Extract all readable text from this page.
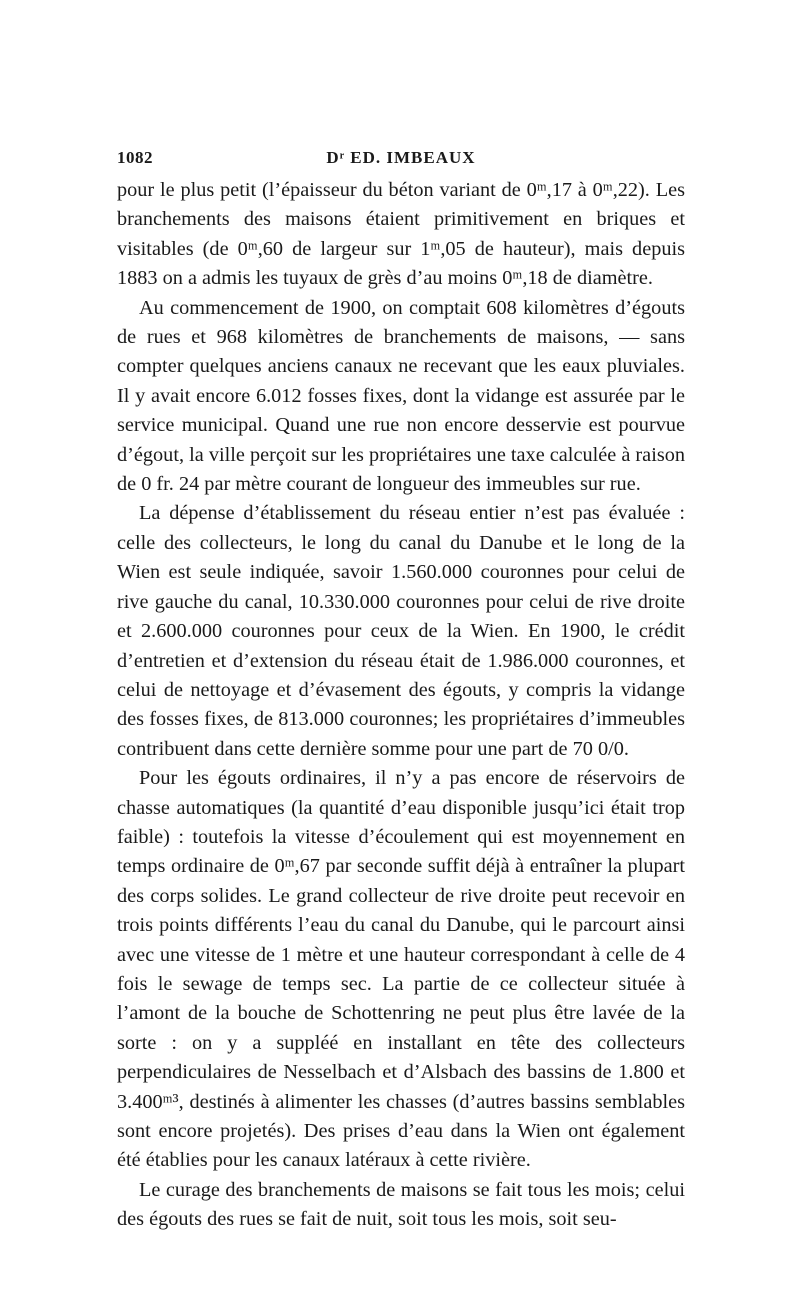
1082	Dʳ ED. IMBEAUX

pour le plus petit (l’épaisseur du béton variant de 0ᵐ,17 à 0ᵐ,22). Les branchements des maisons étaient primitivement en briques et visitables (de 0ᵐ,60 de largeur sur 1ᵐ,05 de hauteur), mais depuis 1883 on a admis les tuyaux de grès d’au moins 0ᵐ,18 de diamètre.

Au commencement de 1900, on comptait 608 kilomètres d’égouts de rues et 968 kilomètres de branchements de maisons, — sans compter quelques anciens canaux ne recevant que les eaux pluviales. Il y avait encore 6.012 fosses fixes, dont la vidange est assurée par le service municipal. Quand une rue non encore desservie est pourvue d’égout, la ville perçoit sur les propriétaires une taxe calculée à raison de 0 fr. 24 par mètre courant de longueur des immeubles sur rue.

La dépense d’établissement du réseau entier n’est pas évaluée : celle des collecteurs, le long du canal du Danube et le long de la Wien est seule indiquée, savoir 1.560.000 couronnes pour celui de rive gauche du canal, 10.330.000 couronnes pour celui de rive droite et 2.600.000 couronnes pour ceux de la Wien. En 1900, le crédit d’entretien et d’extension du réseau était de 1.986.000 couronnes, et celui de nettoyage et d’évasement des égouts, y compris la vidange des fosses fixes, de 813.000 couronnes; les propriétaires d’immeubles contribuent dans cette dernière somme pour une part de 70 0/0.

Pour les égouts ordinaires, il n’y a pas encore de réservoirs de chasse automatiques (la quantité d’eau disponible jusqu’ici était trop faible) : toutefois la vitesse d’écoulement qui est moyennement en temps ordinaire de 0ᵐ,67 par seconde suffit déjà à entraîner la plupart des corps solides. Le grand collecteur de rive droite peut recevoir en trois points différents l’eau du canal du Danube, qui le parcourt ainsi avec une vitesse de 1 mètre et une hauteur correspondant à celle de 4 fois le sewage de temps sec. La partie de ce collecteur située à l’amont de la bouche de Schottenring ne peut plus être lavée de la sorte : on y a suppléé en installant en tête des collecteurs perpendiculaires de Nesselbach et d’Alsbach des bassins de 1.800 et 3.400ᵐ³, destinés à alimenter les chasses (d’autres bassins semblables sont encore projetés). Des prises d’eau dans la Wien ont également été établies pour les canaux latéraux à cette rivière.

Le curage des branchements de maisons se fait tous les mois; celui des égouts des rues se fait de nuit, soit tous les mois, soit seu-
